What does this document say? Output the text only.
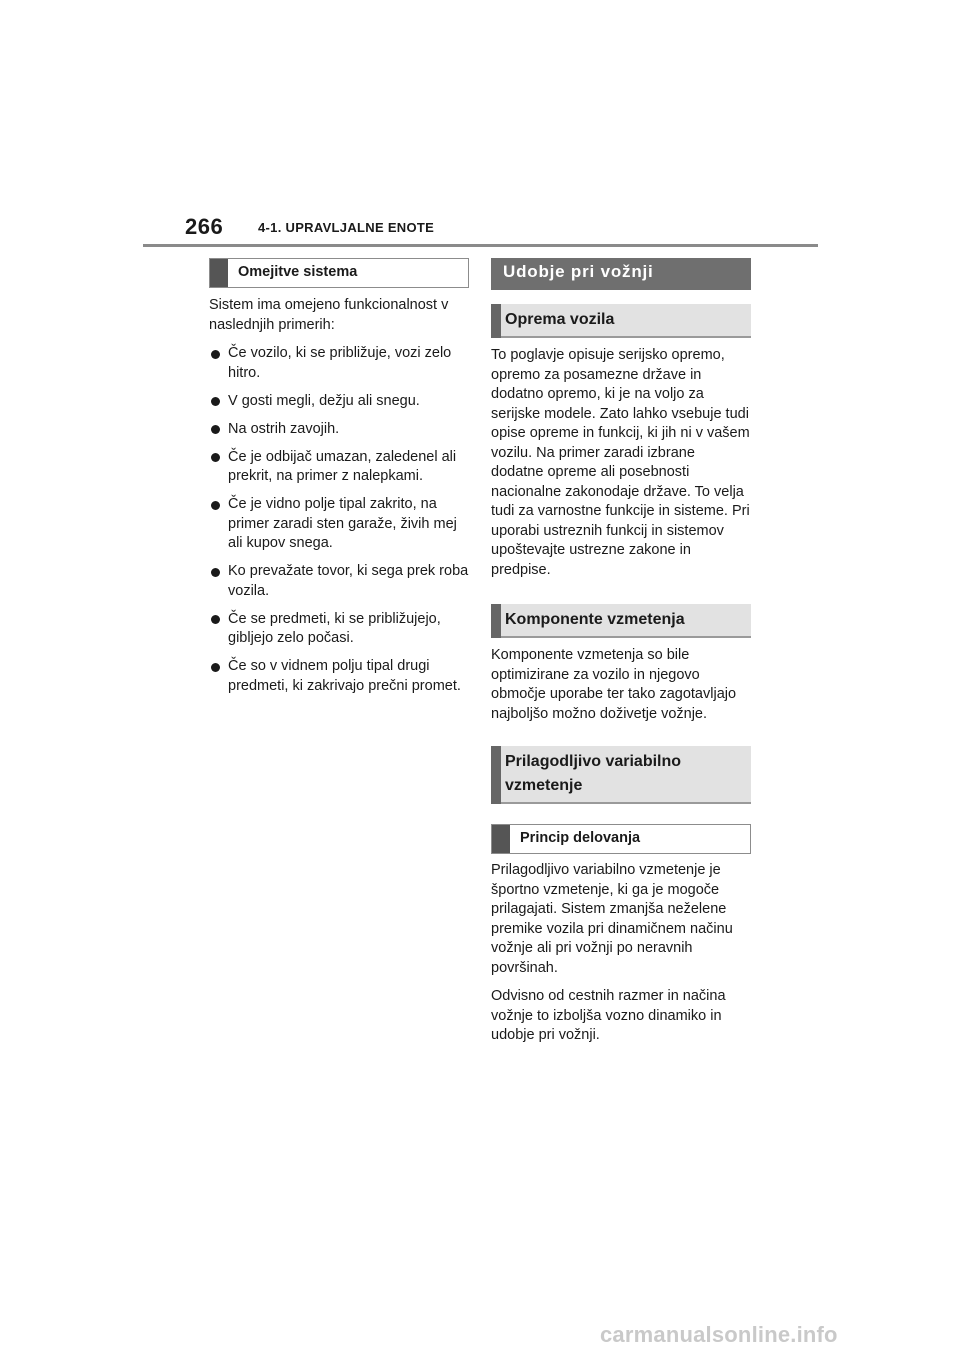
266	4-1. UPRAVLJALNE ENOTE
Omejitve sistema

Sistem ima omejeno funkcionalnost v naslednjih primerih:

Če vozilo, ki se približuje, vozi zelo hitro.
V gosti megli, dežju ali snegu.
Na ostrih zavojih.
Če je odbijač umazan, zaledenel ali prekrit, na primer z nalepkami.
Če je vidno polje tipal zakrito, na primer zaradi sten garaže, živih mej ali kupov snega.
Ko prevažate tovor, ki sega prek roba vozila.
Če se predmeti, ki se približujejo, gibljejo zelo počasi.
Če so v vidnem polju tipal drugi predmeti, ki zakrivajo prečni promet.
Udobje pri vožnji
Oprema vozila

To poglavje opisuje serijsko opremo, opremo za posamezne države in dodatno opremo, ki je na voljo za serijske modele. Zato lahko vsebuje tudi opise opreme in funkcij, ki jih ni v vašem vozilu. Na primer zaradi izbrane dodatne opreme ali posebnosti nacionalne zakonodaje države. To velja tudi za varnostne funkcije in sisteme. Pri uporabi ustreznih funkcij in sistemov upoštevajte ustrezne zakone in predpise.

Komponente vzmetenja

Komponente vzmetenja so bile optimizirane za vozilo in njegovo območje uporabe ter tako zagotavljajo najboljšo možno doživetje vožnje.

Prilagodljivo variabilno vzmetenje
Princip delovanja

Prilagodljivo variabilno vzmetenje je športno vzmetenje, ki ga je mogoče prilagajati. Sistem zmanjša neželene premike vozila pri dinamičnem načinu vožnje ali pri vožnji po neravnih površinah.

Odvisno od cestnih razmer in načina vožnje to izboljša vozno dinamiko in udobje pri vožnji.

carmanualsonline.info
